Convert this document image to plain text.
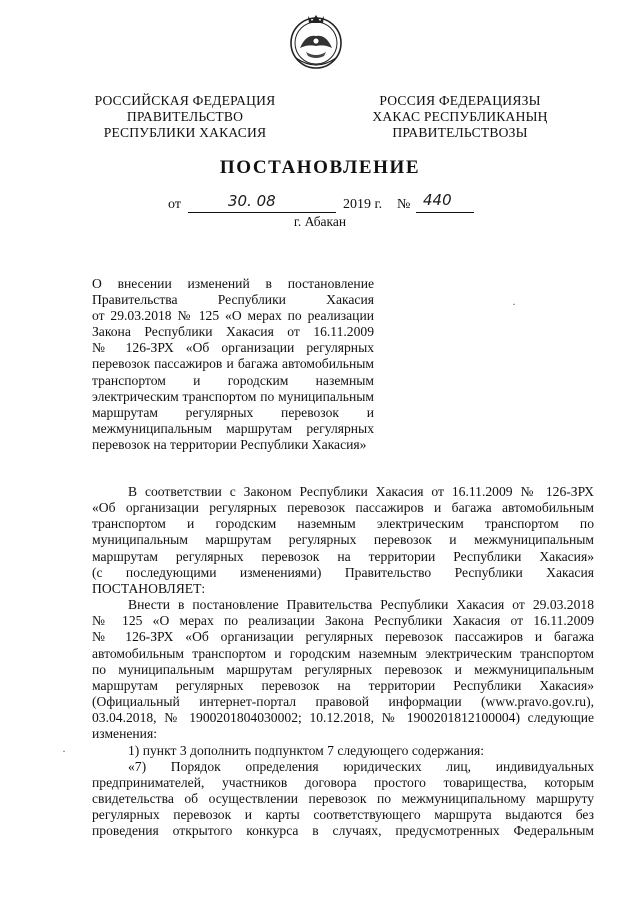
РОССИЙСКАЯ ФЕДЕРАЦИЯ
ПРАВИТЕЛЬСТВО
РЕСПУБЛИКИ ХАКАСИЯ
РОССИЯ ФЕДЕРАЦИЯЗЫ
ХАКАС РЕСПУБЛИКАНЫҢ
ПРАВИТЕЛЬСТВОЗЫ
ПОСТАНОВЛЕНИЕ
от	30. 08	2019 г. № 440
г. Абакан
О внесении изменений в постановление
Правительства Республики Хакасия
от 29.03.2018 № 125 «О мерах по реализации
Закона Республики Хакасия от 16.11.2009
№ 126-ЗРХ «Об организации регулярных
перевозок пассажиров и багажа автомобильным
транспортом и городским наземным
электрическим транспортом по муниципальным
маршрутам регулярных перевозок и
межмуниципальным маршрутам регулярных
перевозок на территории Республики Хакасия»
В соответствии с Законом Республики Хакасия от 16.11.2009 № 126-ЗРХ
«Об организации регулярных перевозок пассажиров и багажа автомобильным
транспортом и городским наземным электрическим транспортом по
муниципальным маршрутам регулярных перевозок и межмуниципальным
маршрутам регулярных перевозок на территории Республики Хакасия»
(с последующими изменениями) Правительство Республики Хакасия
ПОСТАНОВЛЯЕТ:
Внести в постановление Правительства Республики Хакасия от 29.03.2018
№ 125 «О мерах по реализации Закона Республики Хакасия от 16.11.2009
№ 126-ЗРХ «Об организации регулярных перевозок пассажиров и багажа
автомобильным транспортом и городским наземным электрическим транспортом
по муниципальным маршрутам регулярных перевозок и межмуниципальным
маршрутам регулярных перевозок на территории Республики Хакасия»
(Официальный интернет-портал правовой информации (www.pravo.gov.ru),
03.04.2018, № 1900201804030002; 10.12.2018, № 1900201812100004) следующие
изменения:
1) пункт 3 дополнить подпунктом 7 следующего содержания:
«7) Порядок определения юридических лиц, индивидуальных
предпринимателей, участников договора простого товарищества, которым
свидетельства об осуществлении перевозок по межмуниципальному маршруту
регулярных перевозок и карты соответствующего маршрута выдаются без
проведения открытого конкурса в случаях, предусмотренных Федеральным
·
·
